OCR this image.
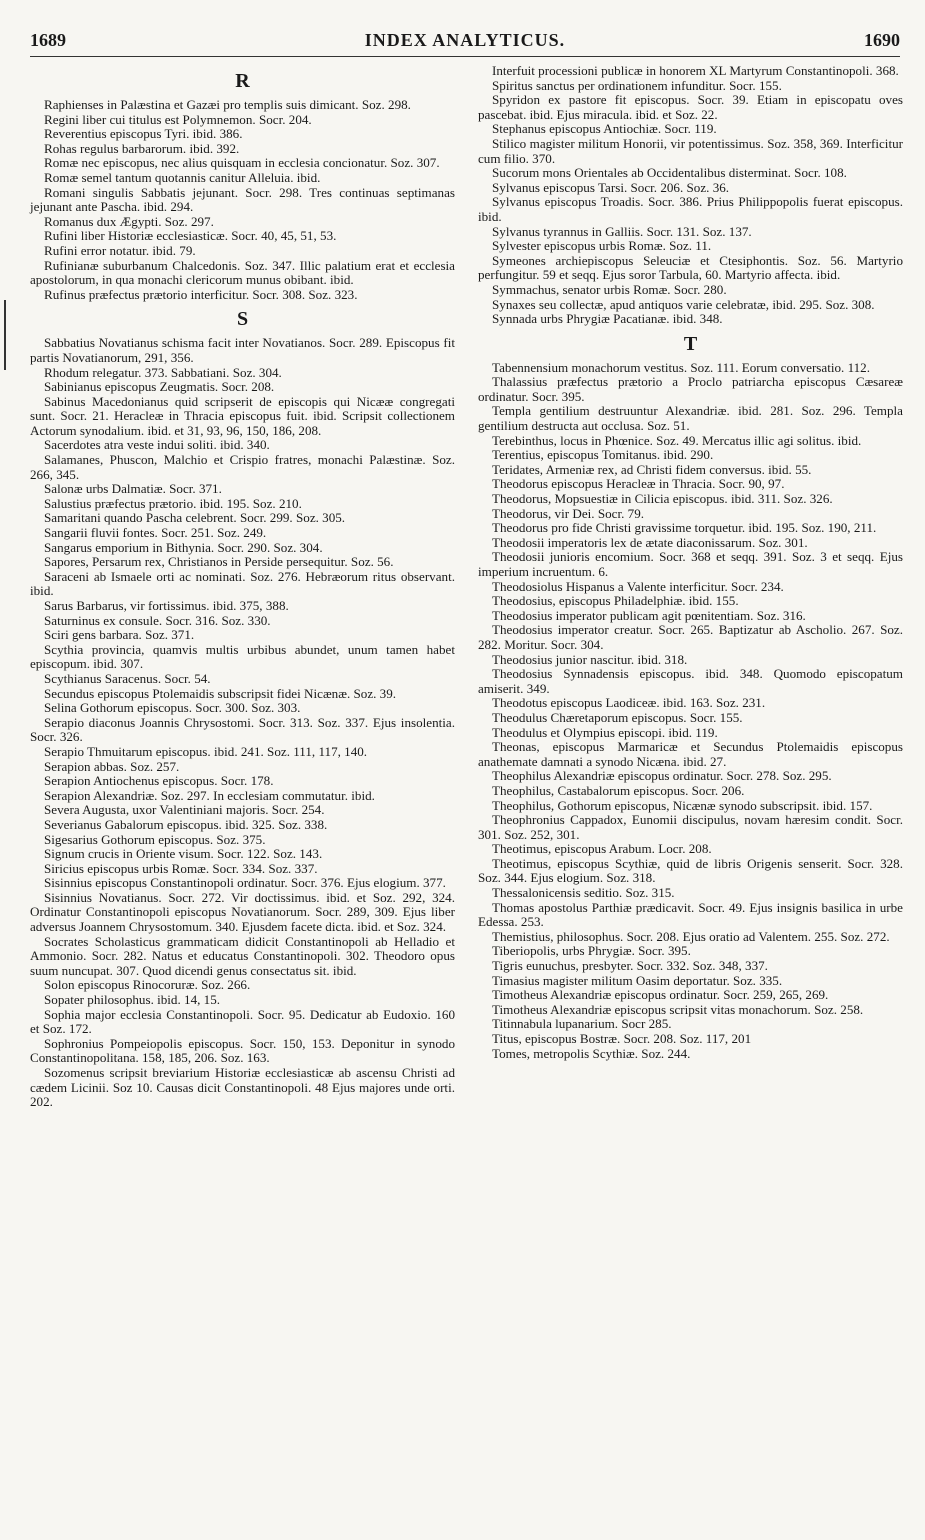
1689	INDEX ANALYTICUS.	1690
R
Raphienses in Palæstina et Gazæi pro templis suis dimicant. Soz. 298.
Regini liber cui titulus est Polymnemon. Socr. 204.
Reverentius episcopus Tyri. ibid. 386.
Rohas regulus barbarorum. ibid. 392.
Romæ nec episcopus, nec alius quisquam in ecclesia concionatur. Soz. 307.
Romæ semel tantum quotannis canitur Alleluia. ibid.
Romani singulis Sabbatis jejunant. Socr. 298. Tres continuas septimanas jejunant ante Pascha. ibid. 294.
Romanus dux Ægypti. Soz. 297.
Rufini liber Historiæ ecclesiasticæ. Socr. 40, 45, 51, 53.
Rufini error notatur. ibid. 79.
Rufinianæ suburbanum Chalcedonis. Soz. 347. Illic palatium erat et ecclesia apostolorum, in qua monachi clericorum munus obibant. ibid.
Rufinus præfectus prætorio interficitur. Socr. 308. Soz. 323.
S
Sabbatius Novatianus schisma facit inter Novatianos. Socr. 289. Episcopus fit partis Novatianorum, 291, 356.
Rhodum relegatur. 373. Sabbatiani. Soz. 304.
Sabinianus episcopus Zeugmatis. Socr. 208.
Sabinus Macedonianus quid scripserit de episcopis qui Nicææ congregati sunt. Socr. 21. Heracleæ in Thracia episcopus fuit. ibid. Scripsit collectionem Actorum synodalium. ibid. et 31, 93, 96, 150, 186, 208.
Sacerdotes atra veste indui soliti. ibid. 340.
Salamanes, Phuscon, Malchio et Crispio fratres, monachi Palæstinæ. Soz. 266, 345.
Salonæ urbs Dalmatiæ. Socr. 371.
Salustius præfectus prætorio. ibid. 195. Soz. 210.
Samaritani quando Pascha celebrent. Socr. 299. Soz. 305.
Sangarii fluvii fontes. Socr. 251. Soz. 249.
Sangarus emporium in Bithynia. Socr. 290. Soz. 304.
Sapores, Persarum rex, Christianos in Perside persequitur. Soz. 56.
Saraceni ab Ismaele orti ac nominati. Soz. 276. Hebræorum ritus observant. ibid.
Sarus Barbarus, vir fortissimus. ibid. 375, 388.
Saturninus ex consule. Socr. 316. Soz. 330.
Sciri gens barbara. Soz. 371.
Scythia provincia, quamvis multis urbibus abundet, unum tamen habet episcopum. ibid. 307.
Scythianus Saracenus. Socr. 54.
Secundus episcopus Ptolemaidis subscripsit fidei Nicænæ. Soz. 39.
Selina Gothorum episcopus. Socr. 300. Soz. 303.
Serapio diaconus Joannis Chrysostomi. Socr. 313. Soz. 337. Ejus insolentia. Socr. 326.
Serapio Thmuitarum episcopus. ibid. 241. Soz. 111, 117, 140.
Serapion abbas. Soz. 257.
Serapion Antiochenus episcopus. Socr. 178.
Serapion Alexandriæ. Soz. 297. In ecclesiam commutatur. ibid.
Severa Augusta, uxor Valentiniani majoris. Socr. 254.
Severianus Gabalorum episcopus. ibid. 325. Soz. 338.
Sigesarius Gothorum episcopus. Soz. 375.
Signum crucis in Oriente visum. Socr. 122. Soz. 143.
Siricius episcopus urbis Romæ. Socr. 334. Soz. 337.
Sisinnius episcopus Constantinopoli ordinatur. Socr. 376. Ejus elogium. 377.
Sisinnius Novatianus. Socr. 272. Vir doctissimus. ibid. et Soz. 292, 324. Ordinatur Constantinopoli episcopus Novatianorum. Socr. 289, 309. Ejus liber adversus Joannem Chrysostomum. 340. Ejusdem facete dicta. ibid. et Soz. 324.
Socrates Scholasticus grammaticam didicit Constantinopoli ab Helladio et Ammonio. Socr. 282. Natus et educatus Constantinopoli. 302. Theodoro opus suum nuncupat. 307. Quod dicendi genus consectatus sit. ibid.
Solon episcopus Rinocoruræ. Soz. 266.
Sopater philosophus. ibid. 14, 15.
Sophia major ecclesia Constantinopoli. Socr. 95. Dedicatur ab Eudoxio. 160 et Soz. 172.
Sophronius Pompeiopolis episcopus. Socr. 150, 153. Deponitur in synodo Constantinopolitana. 158, 185, 206. Soz. 163.
Sozomenus scripsit breviarium Historiæ ecclesiasticæ ab ascensu Christi ad cædem Licinii. Soz 10. Causas dicit Constantinopoli. 48 Ejus majores unde orti. 202.
Interfuit processioni publicæ in honorem XL Martyrum Constantinopoli. 368.
Spiritus sanctus per ordinationem infunditur. Socr. 155.
Spyridon ex pastore fit episcopus. Socr. 39. Etiam in episcopatu oves pascebat. ibid. Ejus miracula. ibid. et Soz. 22.
Stephanus episcopus Antiochiæ. Socr. 119.
Stilico magister militum Honorii, vir potentissimus. Soz. 358, 369. Interficitur cum filio. 370.
Sucorum mons Orientales ab Occidentalibus disterminat. Socr. 108.
Sylvanus episcopus Tarsi. Socr. 206. Soz. 36.
Sylvanus episcopus Troadis. Socr. 386. Prius Philippopolis fuerat episcopus. ibid.
Sylvanus tyrannus in Galliis. Socr. 131. Soz. 137.
Sylvester episcopus urbis Romæ. Soz. 11.
Symeones archiepiscopus Seleuciæ et Ctesiphontis. Soz. 56. Martyrio perfungitur. 59 et seqq. Ejus soror Tarbula, 60. Martyrio affecta. ibid.
Symmachus, senator urbis Romæ. Socr. 280.
Synaxes seu collectæ, apud antiquos varie celebratæ, ibid. 295. Soz. 308.
Synnada urbs Phrygiæ Pacatianæ. ibid. 348.
T
Tabennensium monachorum vestitus. Soz. 111. Eorum conversatio. 112.
Thalassius præfectus prætorio a Proclo patriarcha episcopus Cæsareæ ordinatur. Socr. 395.
Templa gentilium destruuntur Alexandriæ. ibid. 281. Soz. 296. Templa gentilium destructa aut occlusa. Soz. 51.
Terebinthus, locus in Phœnice. Soz. 49. Mercatus illic agi solitus. ibid.
Terentius, episcopus Tomitanus. ibid. 290.
Teridates, Armeniæ rex, ad Christi fidem conversus. ibid. 55.
Theodorus episcopus Heracleæ in Thracia. Socr. 90, 97.
Theodorus, Mopsuestiæ in Cilicia episcopus. ibid. 311. Soz. 326.
Theodorus, vir Dei. Socr. 79.
Theodorus pro fide Christi gravissime torquetur. ibid. 195. Soz. 190, 211.
Theodosii imperatoris lex de ætate diaconissarum. Soz. 301.
Theodosii junioris encomium. Socr. 368 et seqq. 391. Soz. 3 et seqq. Ejus imperium incruentum. 6.
Theodosiolus Hispanus a Valente interficitur. Socr. 234.
Theodosius, episcopus Philadelphiæ. ibid. 155.
Theodosius imperator publicam agit pœnitentiam. Soz. 316.
Theodosius imperator creatur. Socr. 265. Baptizatur ab Ascholio. 267. Soz. 282. Moritur. Socr. 304.
Theodosius junior nascitur. ibid. 318.
Theodosius Synnadensis episcopus. ibid. 348. Quomodo episcopatum amiserit. 349.
Theodotus episcopus Laodiceæ. ibid. 163. Soz. 231.
Theodulus Chæretaporum episcopus. Socr. 155.
Theodulus et Olympius episcopi. ibid. 119.
Theonas, episcopus Marmaricæ et Secundus Ptolemaidis episcopus anathemate damnati a synodo Nicæna. ibid. 27.
Theophilus Alexandriæ episcopus ordinatur. Socr. 278. Soz. 295.
Theophilus, Castabalorum episcopus. Socr. 206.
Theophilus, Gothorum episcopus, Nicænæ synodo subscripsit. ibid. 157.
Theophronius Cappadox, Eunomii discipulus, novam hæresim condit. Socr. 301. Soz. 252, 301.
Theotimus, episcopus Arabum. Locr. 208.
Theotimus, episcopus Scythiæ, quid de libris Origenis senserit. Socr. 328. Soz. 344. Ejus elogium. Soz. 318.
Thessalonicensis seditio. Soz. 315.
Thomas apostolus Parthiæ prædicavit. Socr. 49. Ejus insignis basilica in urbe Edessa. 253.
Themistius, philosophus. Socr. 208. Ejus oratio ad Valentem. 255. Soz. 272.
Tiberiopolis, urbs Phrygiæ. Socr. 395.
Tigris eunuchus, presbyter. Socr. 332. Soz. 348, 337.
Timasius magister militum Oasim deportatur. Soz. 335.
Timotheus Alexandriæ episcopus ordinatur. Socr. 259, 265, 269.
Timotheus Alexandriæ episcopus scripsit vitas monachorum. Soz. 258.
Titinnabula lupanarium. Socr 285.
Titus, episcopus Bostræ. Socr. 208. Soz. 117, 201
Tomes, metropolis Scythiæ. Soz. 244.
